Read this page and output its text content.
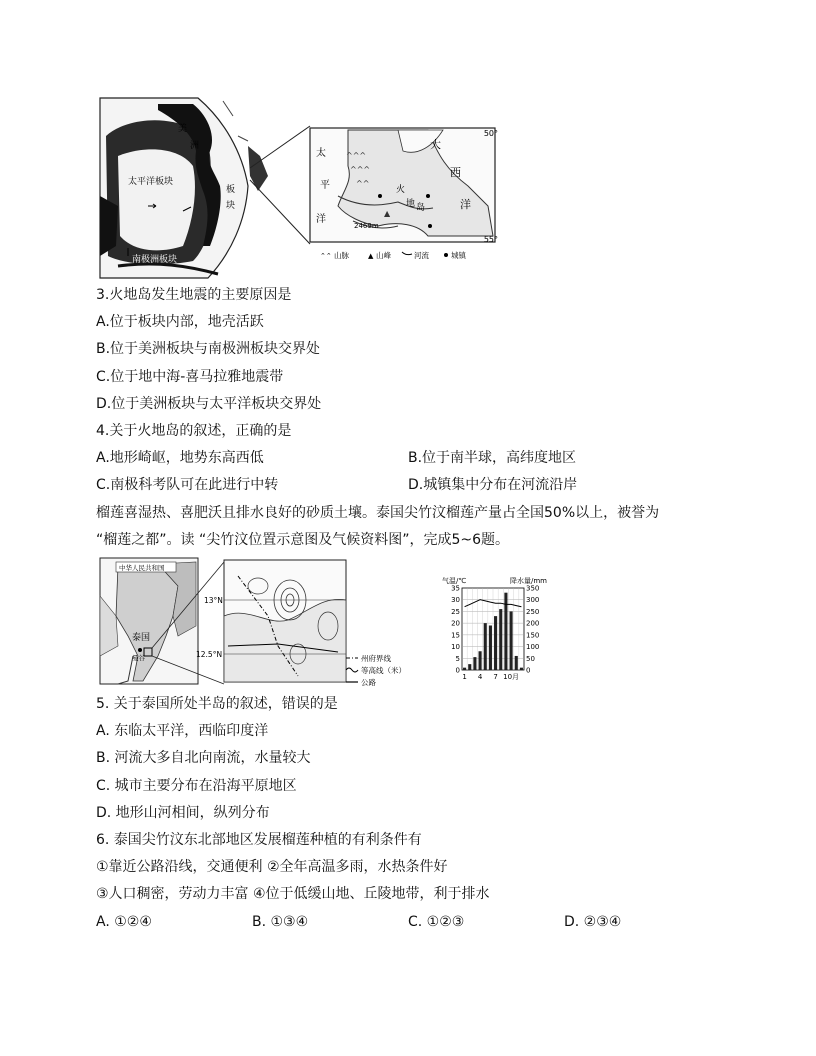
美
洲
太平洋板块
板
块
南极洲板块
^^^
^^^
^^
▲
50°
55°
太
平
洋
大
西
洋
火
地 岛
2469m
⌃⌃ 山脉	▲ 山峰	河流	城镇
3.火地岛发生地震的主要原因是
A.位于板块内部，地壳活跃
B.位于美洲板块与南极洲板块交界处
C.位于地中海-喜马拉雅地震带
D.位于美洲板块与太平洋板块交界处
4.关于火地岛的叙述，正确的是
A.地形崎岖，地势东高西低	B.位于南半球，高纬度地区
C.南极科考队可在此进行中转	D.城镇集中分布在河流沿岸
榴莲喜湿热、喜肥沃且排水良好的砂质土壤。泰国尖竹汶榴莲产量占全国50%以上，被誉为
“榴莲之都”。读 “尖竹汶位置示意图及气候资料图”，完成5~6题。
中华人民共和国
泰国
曼谷
13°N
12.5°N	州府界线
等高线（米）
公路
气温/℃	降水量/mm
0
5
10
15
20
25
30
35
0
50
100
150
200
250
300
350
1 4 7 10月
5. 关于泰国所处半岛的叙述，错误的是
A. 东临太平洋，西临印度洋
B. 河流大多自北向南流，水量较大
C. 城市主要分布在沿海平原地区
D. 地形山河相间，纵列分布
6. 泰国尖竹汶东北部地区发展榴莲种植的有利条件有
①靠近公路沿线，交通便利 ②全年高温多雨，水热条件好
③人口稠密，劳动力丰富 ④位于低缓山地、丘陵地带，利于排水
A. ①②④	B. ①③④	C. ①②③	D. ②③④
